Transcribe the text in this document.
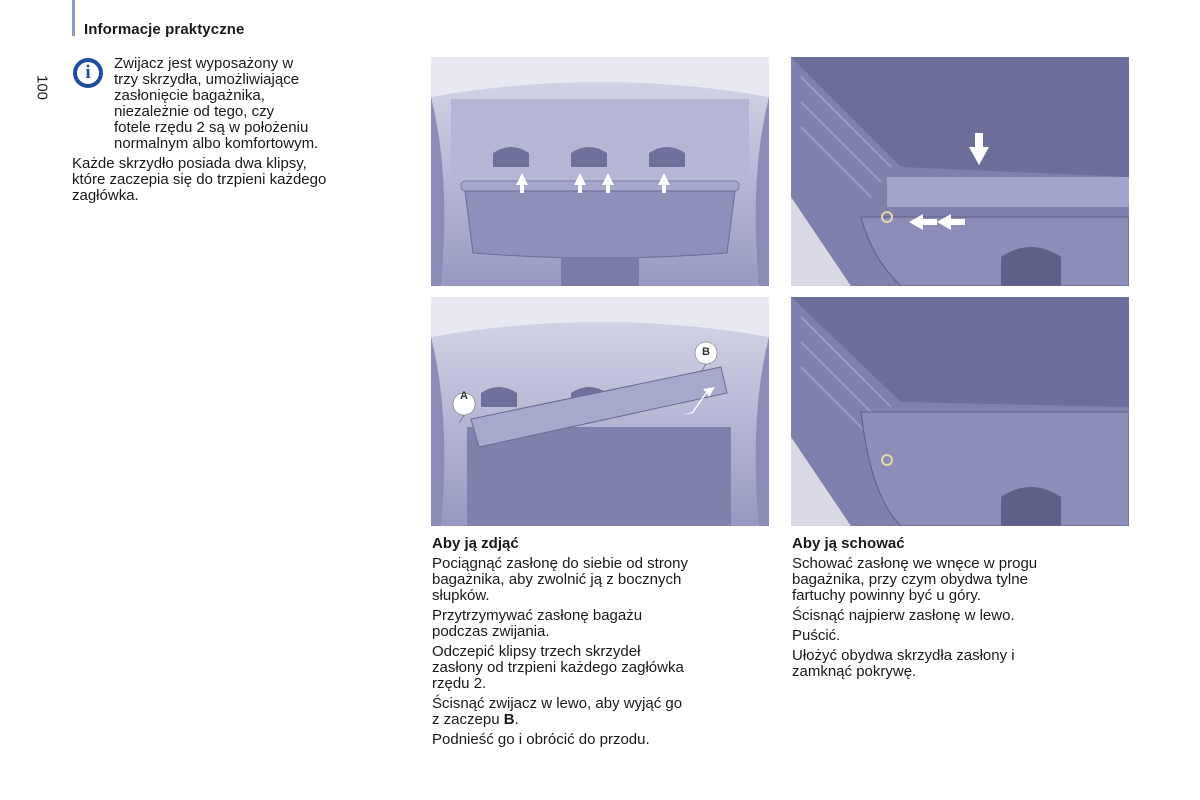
Informacje praktyczne
100
i	Zwijacz jest wyposażony w
trzy skrzydła, umożliwiające
zasłonięcie bagażnika,
niezależnie od tego, czy
fotele rzędu 2 są w położeniu
normalnym albo komfortowym.

Każde skrzydło posiada dwa klipsy,
które zaczepia się do trzpieni każdego
zagłówka.

A
B
Aby ją zdjąć

Pociągnąć zasłonę do siebie od strony
bagażnika, aby zwolnić ją z bocznych
słupków.

Przytrzymywać zasłonę bagażu
podczas zwijania.

Odczepić klipsy trzech skrzydeł
zasłony od trzpieni każdego zagłówka
rzędu 2.

Ścisnąć zwijacz w lewo, aby wyjąć go
z zaczepu B.

Podnieść go i obrócić do przodu.

Aby ją schować

Schować zasłonę we wnęce w progu
bagażnika, przy czym obydwa tylne
fartuchy powinny być u góry.

Ścisnąć najpierw zasłonę w lewo.

Puścić.

Ułożyć obydwa skrzydła zasłony i
zamknąć pokrywę.
